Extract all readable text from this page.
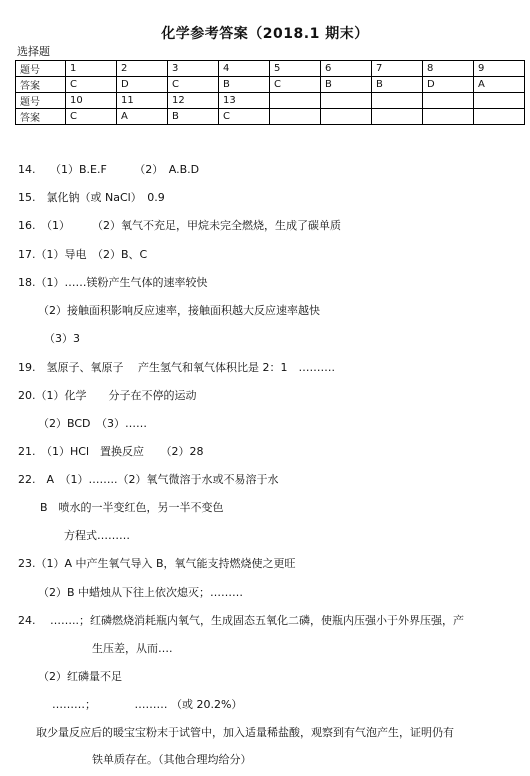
化学参考答案（2018.1 期末）
选择题
题号	1	2	3	4	5	6	7	8	9
答案	C	D	C	B	C	B	B	D	A
题号	10	11	12	13					
答案	C	A	B	C					
14.　 （1）B.E.F　　　（2）　A.B.D
15.　氯化钠（或 NaCl）　0.9
16.　（1）　　　（2）氧气不充足，甲烷未完全燃烧，生成了碳单质
17.（1）导电　（2）B、C
18.（1）……镁粉产生气体的速率较快
（2）接触面积影响反应速率，接触面积越大反应速率越快
（3）3
19.　氢原子、氧原子　 产生氢气和氧气体积比是 2：1　……….
20.（1）化学　　分子在不停的运动
（2）BCD　（3）……
21.　（1）HCl　置换反应　　（2）28
22.　A　（1）……..（2）氧气微溶于水或不易溶于水
B　喷水的一半变红色，另一半不变色
方程式………
23.（1）A 中产生氧气导入 B，氧气能支持燃烧使之更旺
（2）B 中蜡烛从下往上依次熄灭；………
24.　 ……..；红磷燃烧消耗瓶内氧气，生成固态五氧化二磷，使瓶内压强小于外界压强，产
生压差，从而….
（2）红磷量不足
………；　　　　……… （或 20.2%）
取少量反应后的暖宝宝粉末于试管中，加入适量稀盐酸，观察到有气泡产生，证明仍有
铁单质存在。（其他合理均给分）
